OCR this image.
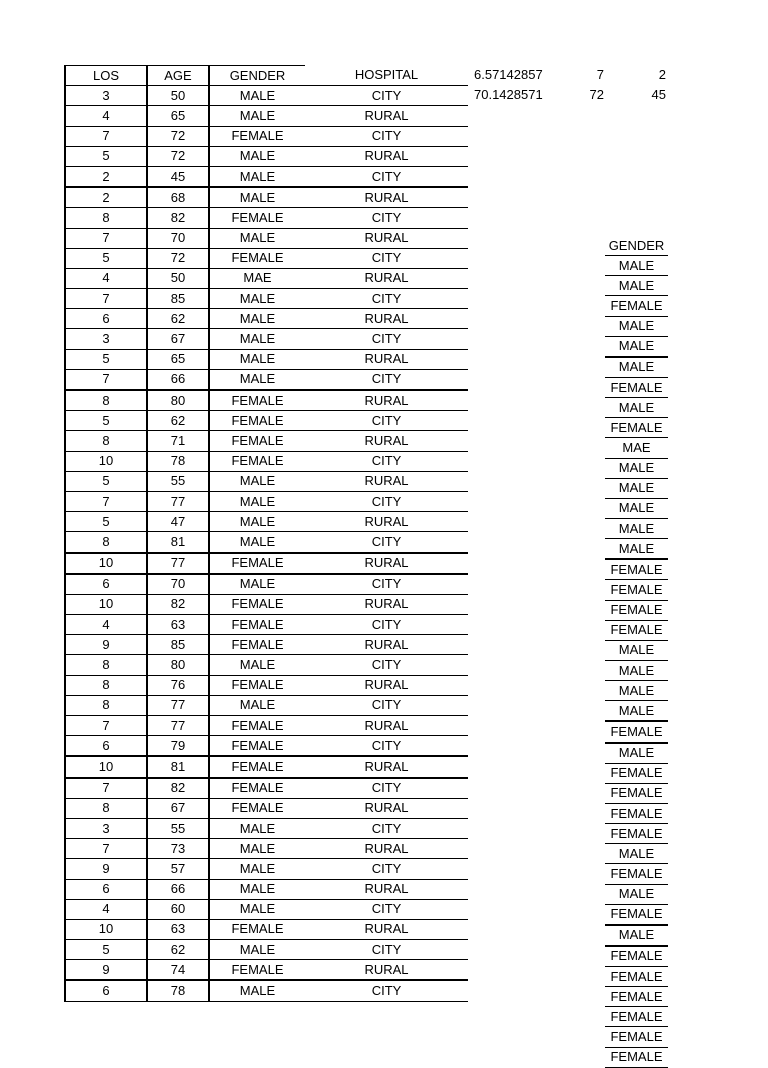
LOS	AGE	GENDER	HOSPITAL
3	50	MALE	CITY
4	65	MALE	RURAL
7	72	FEMALE	CITY
5	72	MALE	RURAL
2	45	MALE	CITY
2	68	MALE	RURAL
8	82	FEMALE	CITY
7	70	MALE	RURAL
5	72	FEMALE	CITY
4	50	MAE	RURAL
7	85	MALE	CITY
6	62	MALE	RURAL
3	67	MALE	CITY
5	65	MALE	RURAL
7	66	MALE	CITY
8	80	FEMALE	RURAL
5	62	FEMALE	CITY
8	71	FEMALE	RURAL
10	78	FEMALE	CITY
5	55	MALE	RURAL
7	77	MALE	CITY
5	47	MALE	RURAL
8	81	MALE	CITY
10	77	FEMALE	RURAL
6	70	MALE	CITY
10	82	FEMALE	RURAL
4	63	FEMALE	CITY
9	85	FEMALE	RURAL
8	80	MALE	CITY
8	76	FEMALE	RURAL
8	77	MALE	CITY
7	77	FEMALE	RURAL
6	79	FEMALE	CITY
10	81	FEMALE	RURAL
7	82	FEMALE	CITY
8	67	FEMALE	RURAL
3	55	MALE	CITY
7	73	MALE	RURAL
9	57	MALE	CITY
6	66	MALE	RURAL
4	60	MALE	CITY
10	63	FEMALE	RURAL
5	62	MALE	CITY
9	74	FEMALE	RURAL
6	78	MALE	CITY
6.57142857	7	2
70.1428571	72	45
GENDER
MALE
MALE
FEMALE
MALE
MALE
MALE
FEMALE
MALE
FEMALE
MAE
MALE
MALE
MALE
MALE
MALE
FEMALE
FEMALE
FEMALE
FEMALE
MALE
MALE
MALE
MALE
FEMALE
MALE
FEMALE
FEMALE
FEMALE
FEMALE
MALE
FEMALE
MALE
FEMALE
MALE
FEMALE
FEMALE
FEMALE
FEMALE
FEMALE
FEMALE
